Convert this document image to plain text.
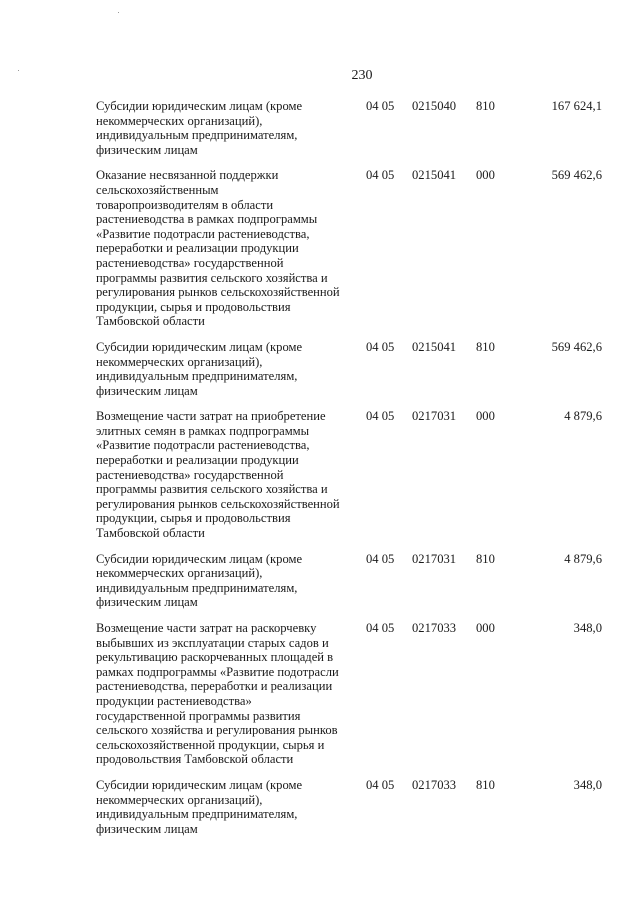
230
Субсидии юридическим лицам (кроме некоммерческих организаций), индивидуальным предпринимателям, физическим лицам	04 05	0215040	810	167 624,1
Оказание несвязанной поддержки сельскохозяйственным товаропроизводителям в области растениеводства в рамках подпрограммы «Развитие подотрасли растениеводства, переработки и реализации продукции растениеводства» государственной программы развития сельского хозяйства и регулирования рынков сельскохозяйственной продукции, сырья и продовольствия Тамбовской области	04 05	0215041	000	569 462,6
Субсидии юридическим лицам (кроме некоммерческих организаций), индивидуальным предпринимателям, физическим лицам	04 05	0215041	810	569 462,6
Возмещение части затрат на приобретение элитных семян в рамках подпрограммы «Развитие подотрасли растениеводства, переработки и реализации продукции растениеводства» государственной программы развития сельского хозяйства и регулирования рынков сельскохозяйственной продукции, сырья и продовольствия Тамбовской области	04 05	0217031	000	4 879,6
Субсидии юридическим лицам (кроме некоммерческих организаций), индивидуальным предпринимателям, физическим лицам	04 05	0217031	810	4 879,6
Возмещение части затрат на раскорчевку выбывших из эксплуатации старых садов и рекультивацию раскорчеванных площадей в рамках подпрограммы «Развитие подотрасли растениеводства, переработки и реализации продукции растениеводства» государственной программы развития сельского хозяйства и регулирования рынков сельскохозяйственной продукции, сырья и продовольствия Тамбовской области	04 05	0217033	000	348,0
Субсидии юридическим лицам (кроме некоммерческих организаций), индивидуальным предпринимателям, физическим лицам	04 05	0217033	810	348,0
